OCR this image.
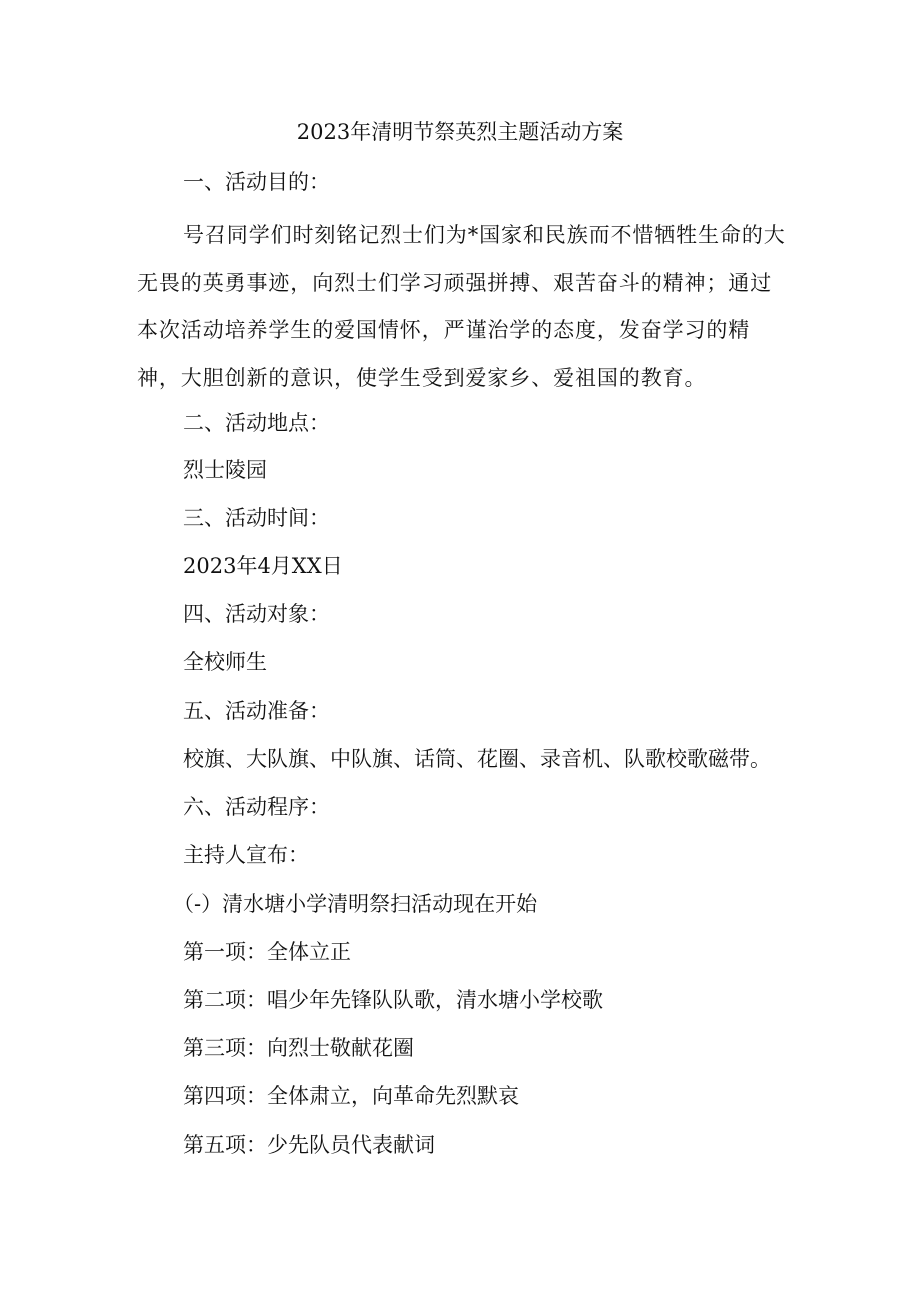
2023年清明节祭英烈主题活动方案
一、活动目的：
号召同学们时刻铭记烈士们为*国家和民族而不惜牺牲生命的大无畏的英勇事迹，向烈士们学习顽强拼搏、艰苦奋斗的精神；通过本次活动培养学生的爱国情怀，严谨治学的态度，发奋学习的精神，大胆创新的意识，使学生受到爱家乡、爱祖国的教育。
二、活动地点：
烈士陵园
三、活动时间：
2023年4月XX日
四、活动对象：
全校师生
五、活动准备：
校旗、大队旗、中队旗、话筒、花圈、录音机、队歌校歌磁带。
六、活动程序：
主持人宣布：
（-）清水塘小学清明祭扫活动现在开始
第一项：全体立正
第二项：唱少年先锋队队歌，清水塘小学校歌
第三项：向烈士敬献花圈
第四项：全体肃立，向革命先烈默哀
第五项：少先队员代表献词
